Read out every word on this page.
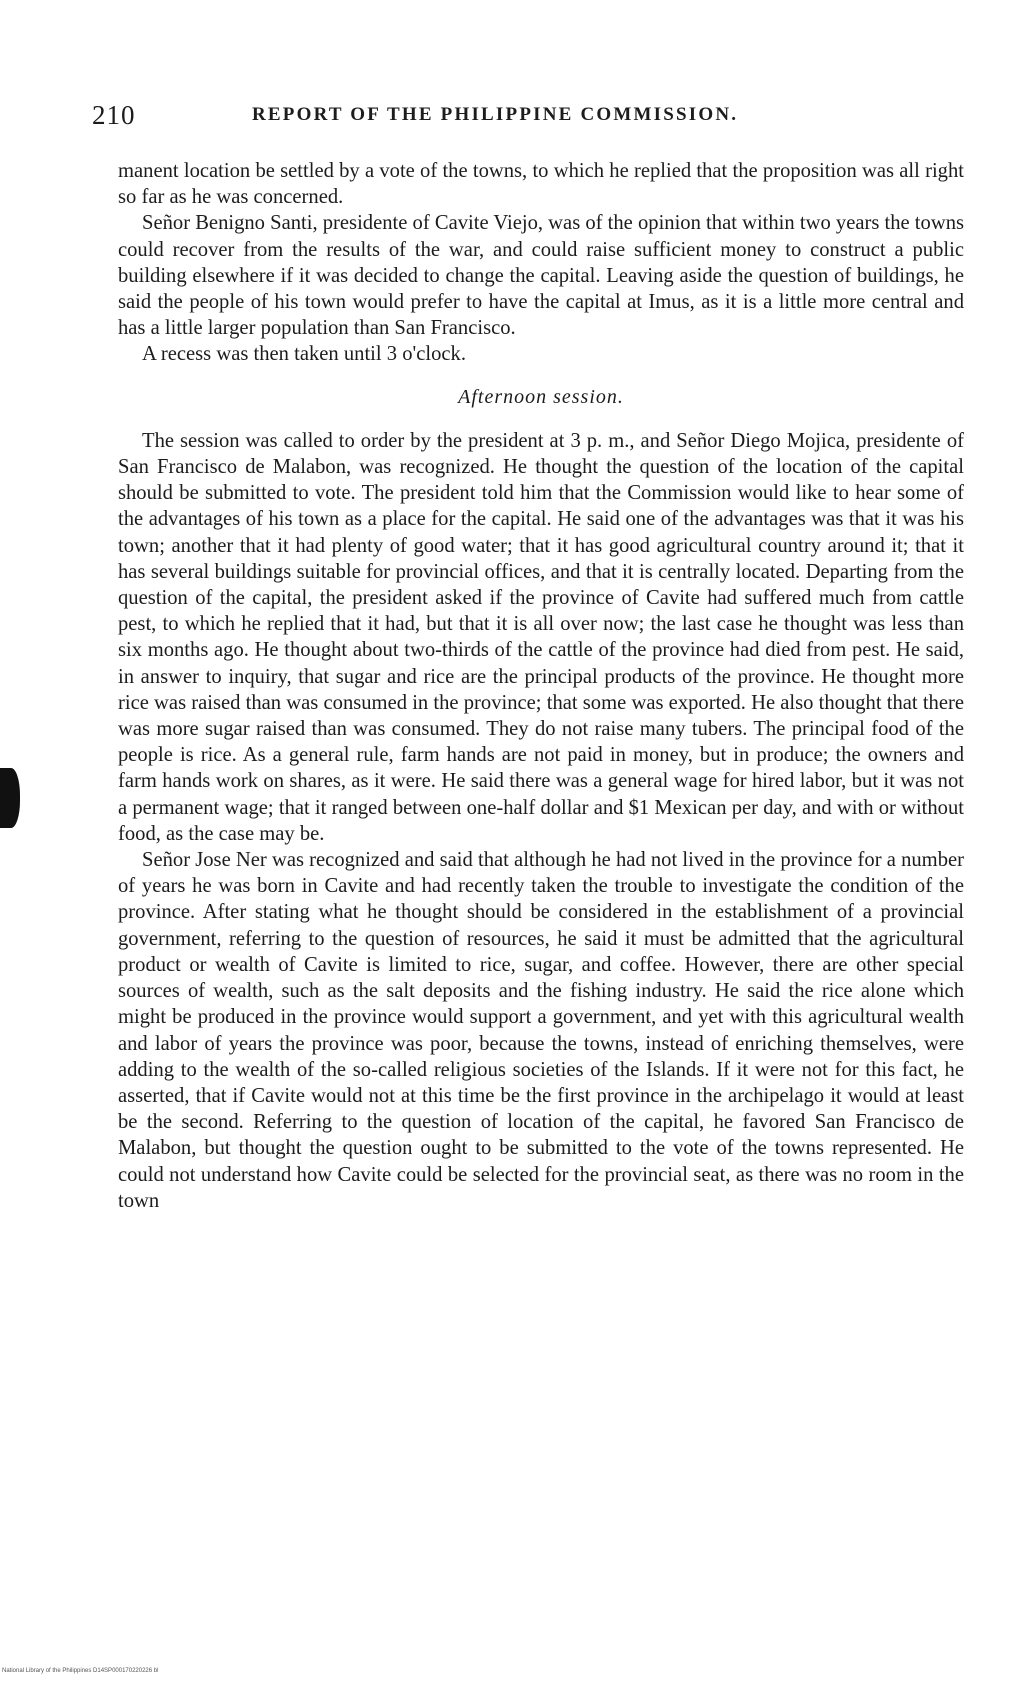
210	REPORT OF THE PHILIPPINE COMMISSION.

manent location be settled by a vote of the towns, to which he replied that the proposition was all right so far as he was concerned.

Señor Benigno Santi, presidente of Cavite Viejo, was of the opinion that within two years the towns could recover from the results of the war, and could raise sufficient money to construct a public building elsewhere if it was decided to change the capital. Leaving aside the question of buildings, he said the people of his town would prefer to have the capital at Imus, as it is a little more central and has a little larger population than San Francisco.

A recess was then taken until 3 o'clock.

Afternoon session.

The session was called to order by the president at 3 p. m., and Señor Diego Mojica, presidente of San Francisco de Malabon, was recognized. He thought the question of the location of the capital should be submitted to vote. The president told him that the Commission would like to hear some of the advantages of his town as a place for the capital. He said one of the advantages was that it was his town; another that it had plenty of good water; that it has good agricultural country around it; that it has several buildings suitable for provincial offices, and that it is centrally located. Departing from the question of the capital, the president asked if the province of Cavite had suffered much from cattle pest, to which he replied that it had, but that it is all over now; the last case he thought was less than six months ago. He thought about two-thirds of the cattle of the province had died from pest. He said, in answer to inquiry, that sugar and rice are the principal products of the province. He thought more rice was raised than was consumed in the province; that some was exported. He also thought that there was more sugar raised than was consumed. They do not raise many tubers. The principal food of the people is rice. As a general rule, farm hands are not paid in money, but in produce; the owners and farm hands work on shares, as it were. He said there was a general wage for hired labor, but it was not a permanent wage; that it ranged between one-half dollar and $1 Mexican per day, and with or without food, as the case may be.

Señor Jose Ner was recognized and said that although he had not lived in the province for a number of years he was born in Cavite and had recently taken the trouble to investigate the condition of the province. After stating what he thought should be considered in the establishment of a provincial government, referring to the question of resources, he said it must be admitted that the agricultural product or wealth of Cavite is limited to rice, sugar, and coffee. However, there are other special sources of wealth, such as the salt deposits and the fishing industry. He said the rice alone which might be produced in the province would support a government, and yet with this agricultural wealth and labor of years the province was poor, because the towns, instead of enriching themselves, were adding to the wealth of the so-called religious societies of the Islands. If it were not for this fact, he asserted, that if Cavite would not at this time be the first province in the archipelago it would at least be the second. Referring to the question of location of the capital, he favored San Francisco de Malabon, but thought the question ought to be submitted to the vote of the towns represented. He could not understand how Cavite could be selected for the provincial seat, as there was no room in the town

National Library of the Philippines D14SP000170220226 bl
